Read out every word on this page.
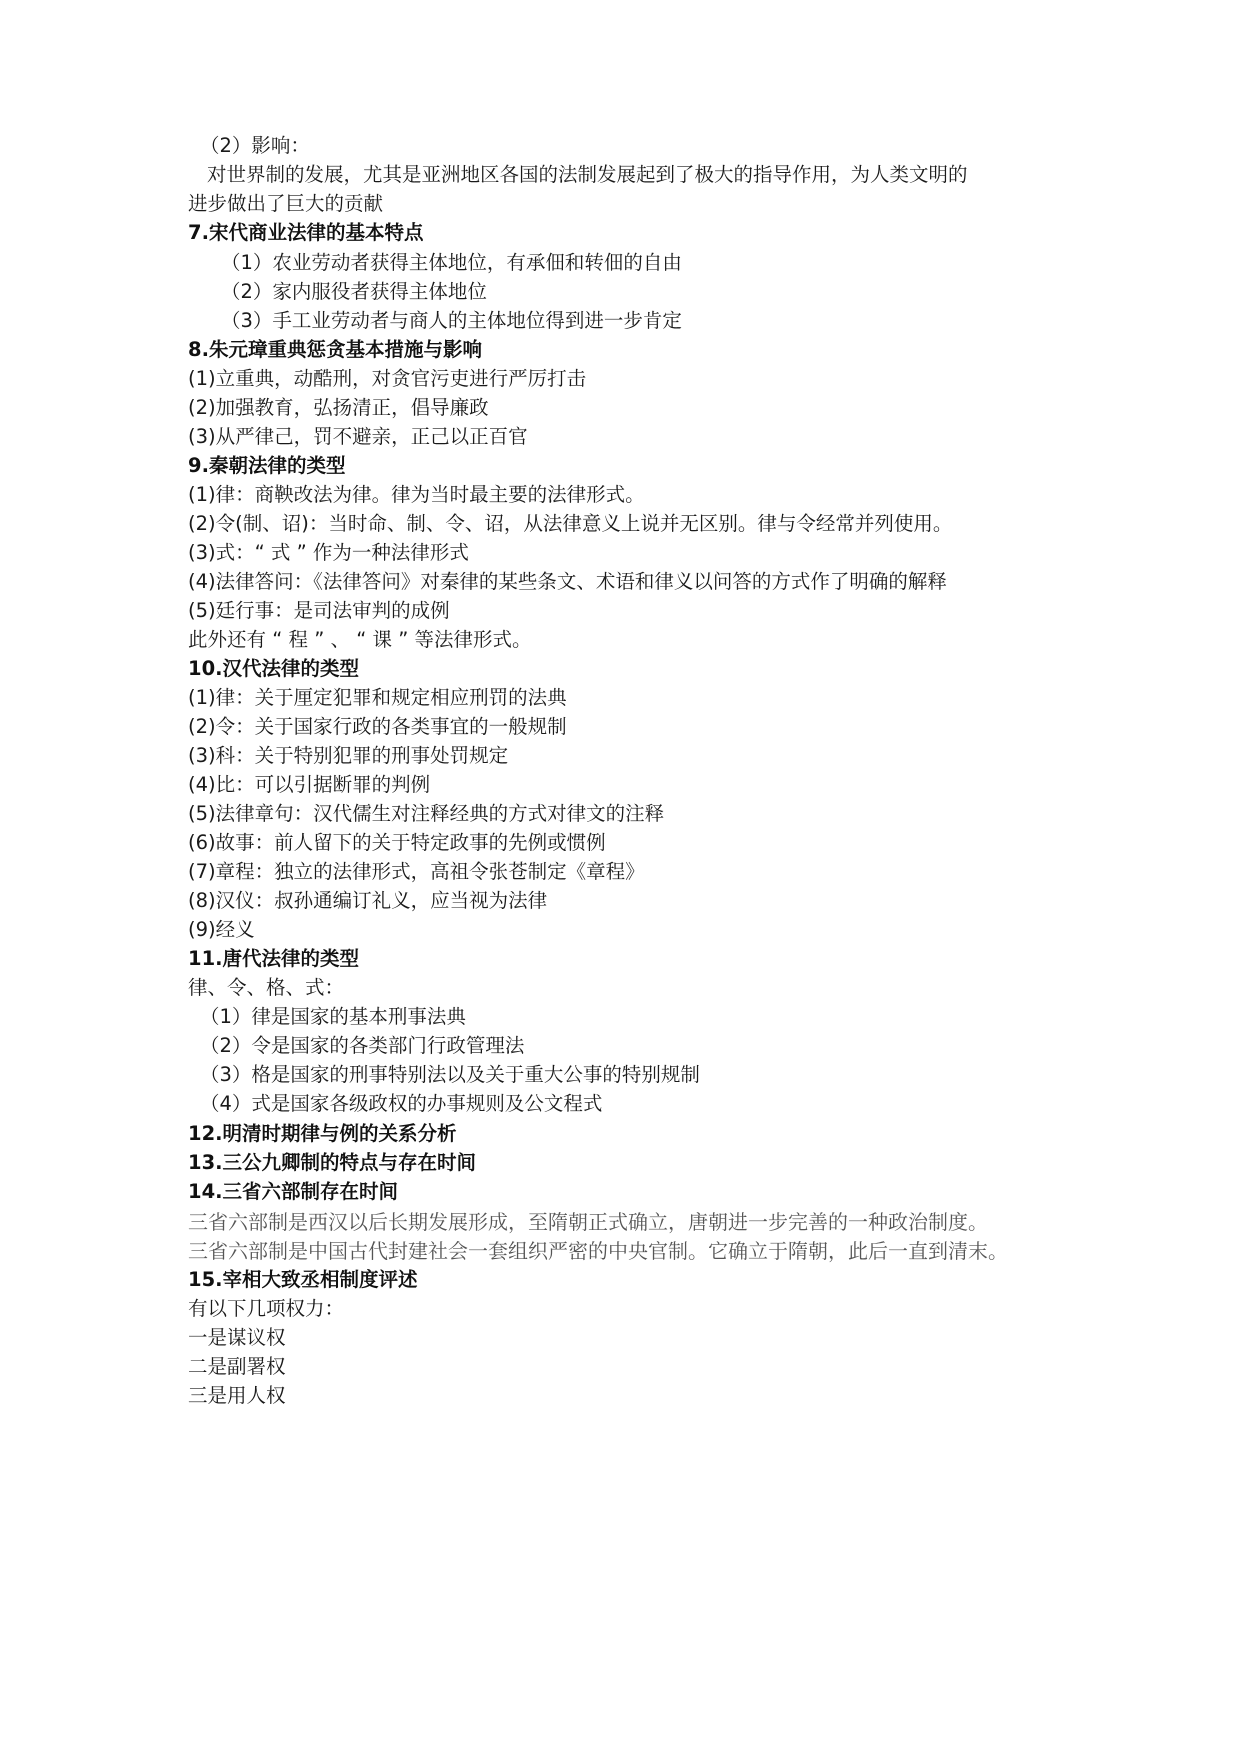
（2）影响：
对世界制的发展，尤其是亚洲地区各国的法制发展起到了极大的指导作用，为人类文明的
进步做出了巨大的贡献
7.宋代商业法律的基本特点
（1）农业劳动者获得主体地位，有承佃和转佃的自由
（2）家内服役者获得主体地位
（3）手工业劳动者与商人的主体地位得到进一步肯定
8.朱元璋重典惩贪基本措施与影响
(1)立重典，动酷刑，对贪官污吏进行严厉打击
(2)加强教育，弘扬清正，倡导廉政
(3)从严律己，罚不避亲，正己以正百官
9.秦朝法律的类型
(1)律：商鞅改法为律。律为当时最主要的法律形式。
(2)令(制、诏)：当时命、制、令、诏，从法律意义上说并无区别。律与令经常并列使用。
(3)式：“ 式 ” 作为一种法律形式
(4)法律答问：《法律答问》对秦律的某些条文、术语和律义以问答的方式作了明确的解释
(5)廷行事：是司法审判的成例
此外还有 “ 程 ” 、 “ 课 ” 等法律形式。
10.汉代法律的类型
(1)律：关于厘定犯罪和规定相应刑罚的法典
(2)令：关于国家行政的各类事宜的一般规制
(3)科：关于特别犯罪的刑事处罚规定
(4)比：可以引据断罪的判例
(5)法律章句：汉代儒生对注释经典的方式对律文的注释
(6)故事：前人留下的关于特定政事的先例或惯例
(7)章程：独立的法律形式，高祖令张苍制定《章程》
(8)汉仪：叔孙通编订礼义，应当视为法律
(9)经义
11.唐代法律的类型
律、令、格、式：
（1）律是国家的基本刑事法典
（2）令是国家的各类部门行政管理法
（3）格是国家的刑事特别法以及关于重大公事的特别规制
（4）式是国家各级政权的办事规则及公文程式
12.明清时期律与例的关系分析
13.三公九卿制的特点与存在时间
14.三省六部制存在时间
三省六部制是西汉以后长期发展形成，至隋朝正式确立，唐朝进一步完善的一种政治制度。
三省六部制是中国古代封建社会一套组织严密的中央官制。它确立于隋朝，此后一直到清末。
15.宰相大致丞相制度评述
有以下几项权力：
一是谋议权
二是副署权
三是用人权
